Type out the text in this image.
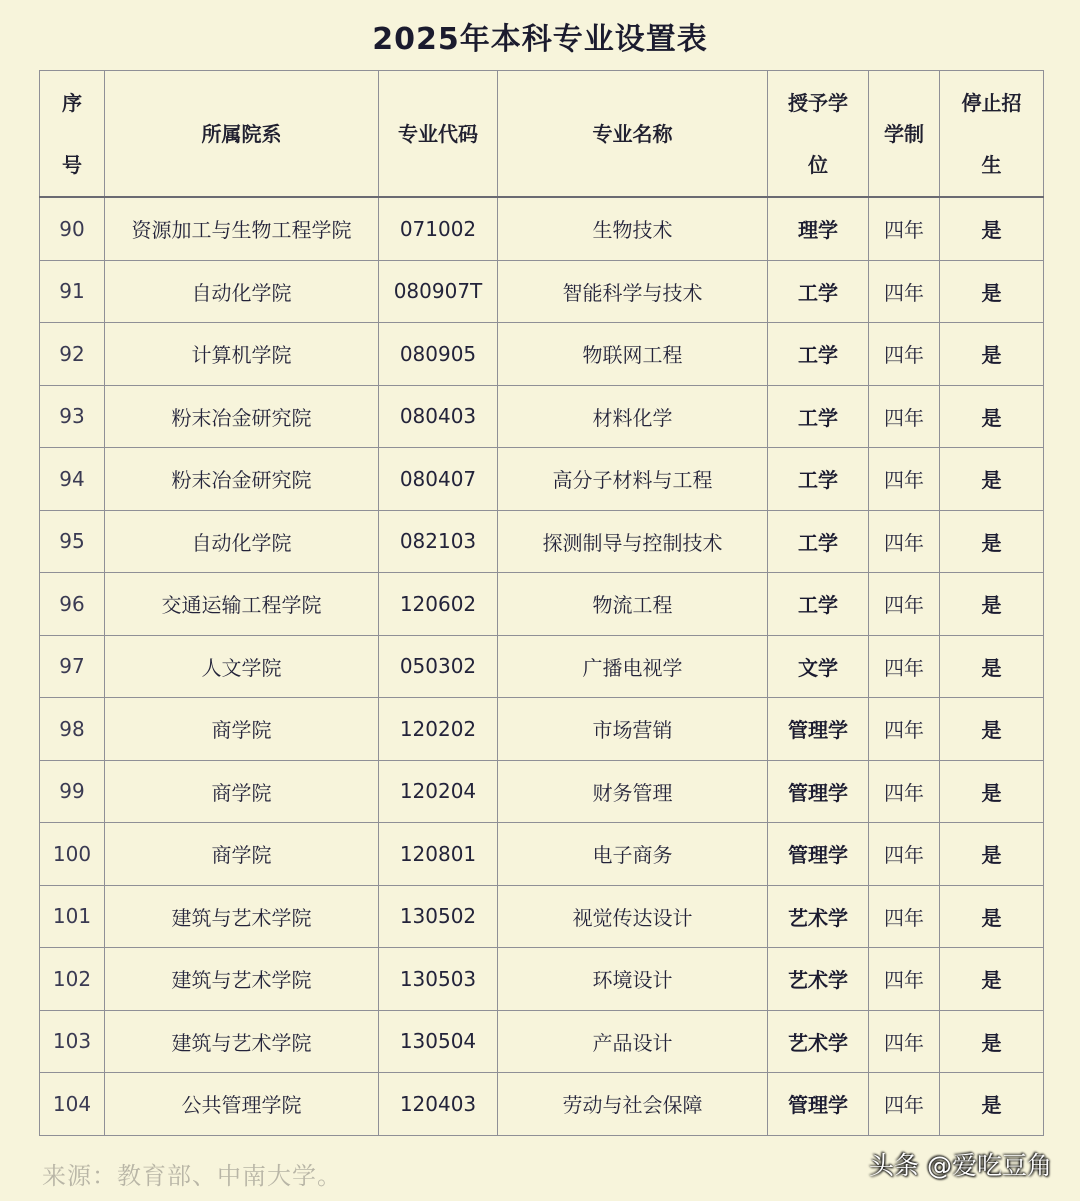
2025年本科专业设置表
序号	所属院系	专业代码	专业名称	授予学位	学制	停止招生
90	资源加工与生物工程学院	071002	生物技术	理学	四年	是
91	自动化学院	080907T	智能科学与技术	工学	四年	是
92	计算机学院	080905	物联网工程	工学	四年	是
93	粉末冶金研究院	080403	材料化学	工学	四年	是
94	粉末冶金研究院	080407	高分子材料与工程	工学	四年	是
95	自动化学院	082103	探测制导与控制技术	工学	四年	是
96	交通运输工程学院	120602	物流工程	工学	四年	是
97	人文学院	050302	广播电视学	文学	四年	是
98	商学院	120202	市场营销	管理学	四年	是
99	商学院	120204	财务管理	管理学	四年	是
100	商学院	120801	电子商务	管理学	四年	是
101	建筑与艺术学院	130502	视觉传达设计	艺术学	四年	是
102	建筑与艺术学院	130503	环境设计	艺术学	四年	是
103	建筑与艺术学院	130504	产品设计	艺术学	四年	是
104	公共管理学院	120403	劳动与社会保障	管理学	四年	是
来源：教育部、中南大学。	头条 @爱吃豆角
